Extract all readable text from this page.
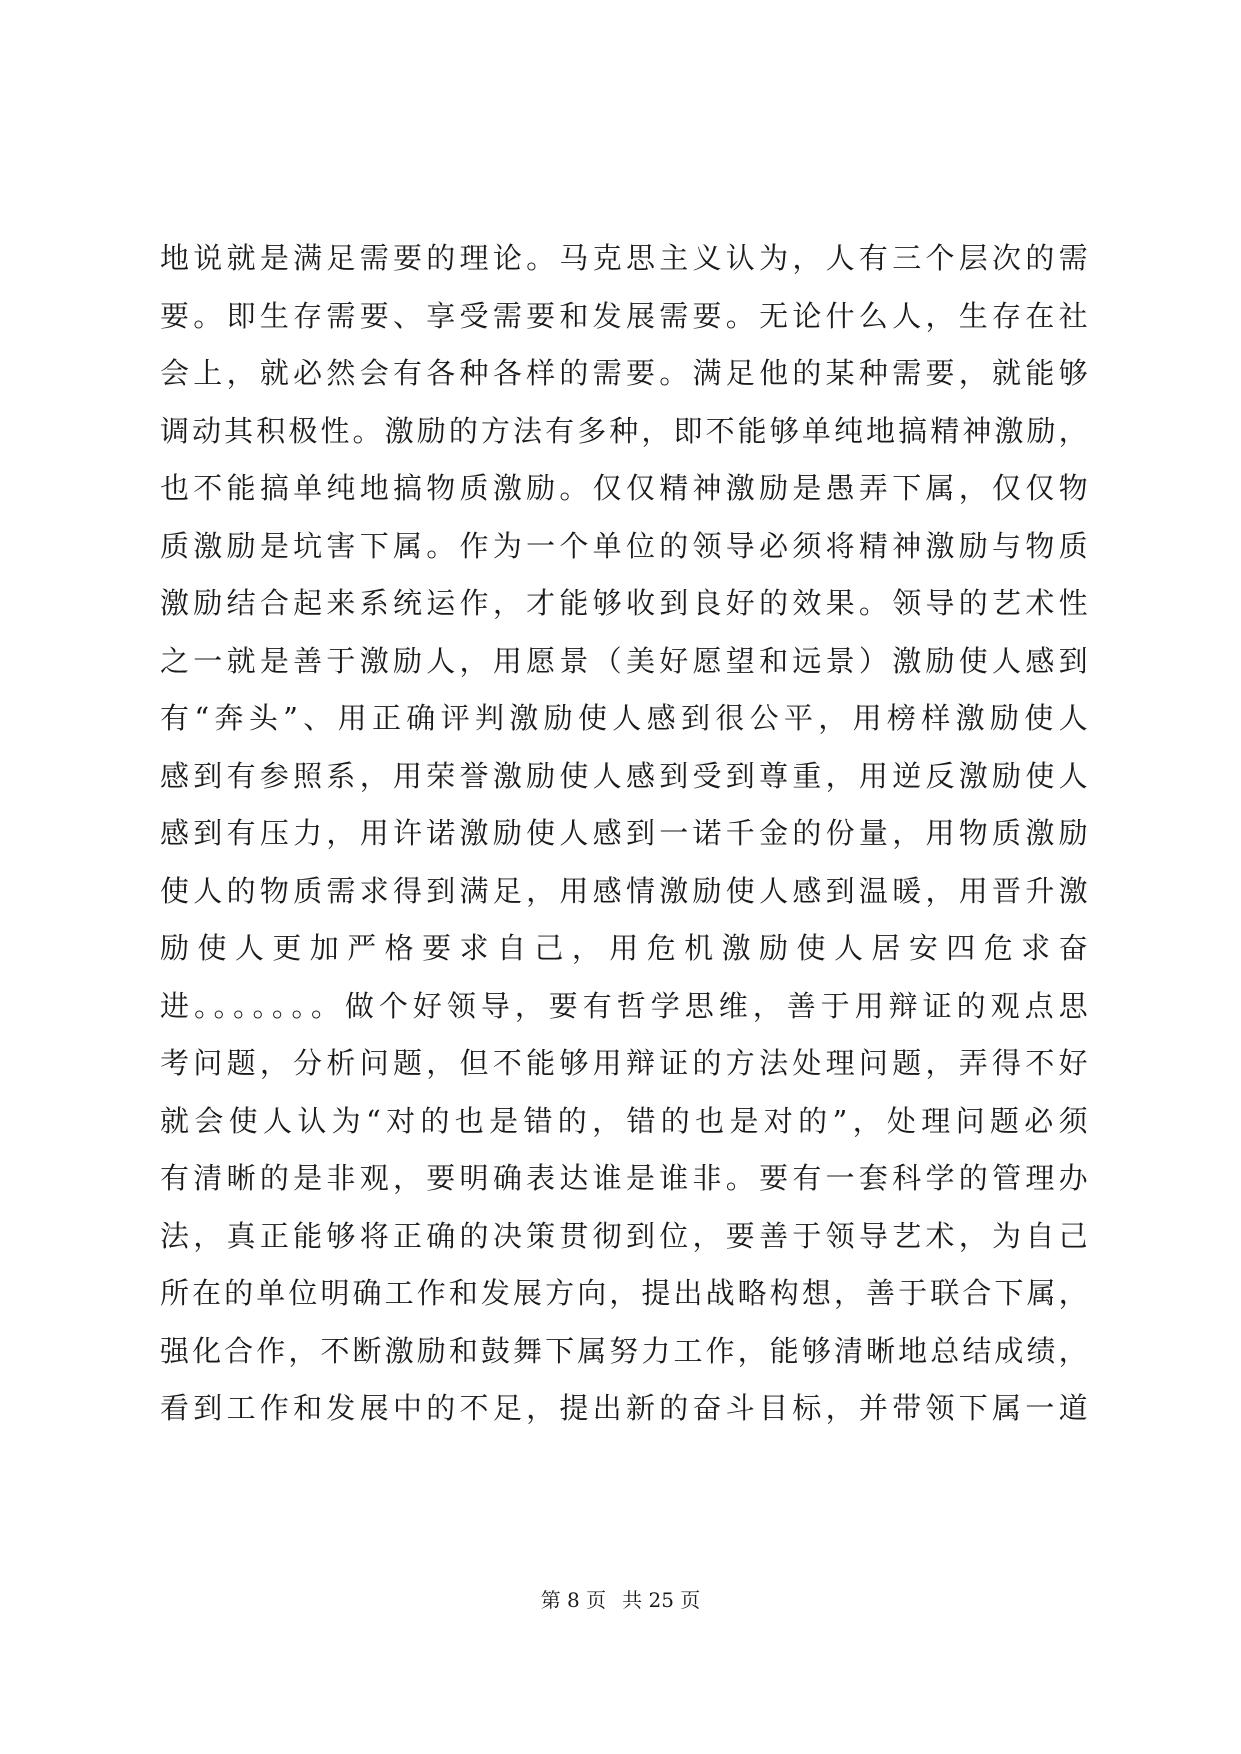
地说就是满足需要的理论。马克思主义认为，人有三个层次的需
要。即生存需要、享受需要和发展需要。无论什么人，生存在社
会上，就必然会有各种各样的需要。满足他的某种需要，就能够
调动其积极性。激励的方法有多种，即不能够单纯地搞精神激励，
也不能搞单纯地搞物质激励。仅仅精神激励是愚弄下属，仅仅物
质激励是坑害下属。作为一个单位的领导必须将精神激励与物质
激励结合起来系统运作，才能够收到良好的效果。领导的艺术性
之一就是善于激励人，用愿景（美好愿望和远景）激励使人感到
有“奔头”、用正确评判激励使人感到很公平，用榜样激励使人
感到有参照系，用荣誉激励使人感到受到尊重，用逆反激励使人
感到有压力，用许诺激励使人感到一诺千金的份量，用物质激励
使人的物质需求得到满足，用感情激励使人感到温暖，用晋升激
励使人更加严格要求自己，用危机激励使人居安四危求奋
进。。。。。。。做个好领导，要有哲学思维，善于用辩证的观点思
考问题，分析问题，但不能够用辩证的方法处理问题，弄得不好
就会使人认为“对的也是错的，错的也是对的”，处理问题必须
有清晰的是非观，要明确表达谁是谁非。要有一套科学的管理办
法，真正能够将正确的决策贯彻到位，要善于领导艺术，为自己
所在的单位明确工作和发展方向，提出战略构想，善于联合下属，
强化合作，不断激励和鼓舞下属努力工作，能够清晰地总结成绩，
看到工作和发展中的不足，提出新的奋斗目标，并带领下属一道
第 8 页 共 25 页
